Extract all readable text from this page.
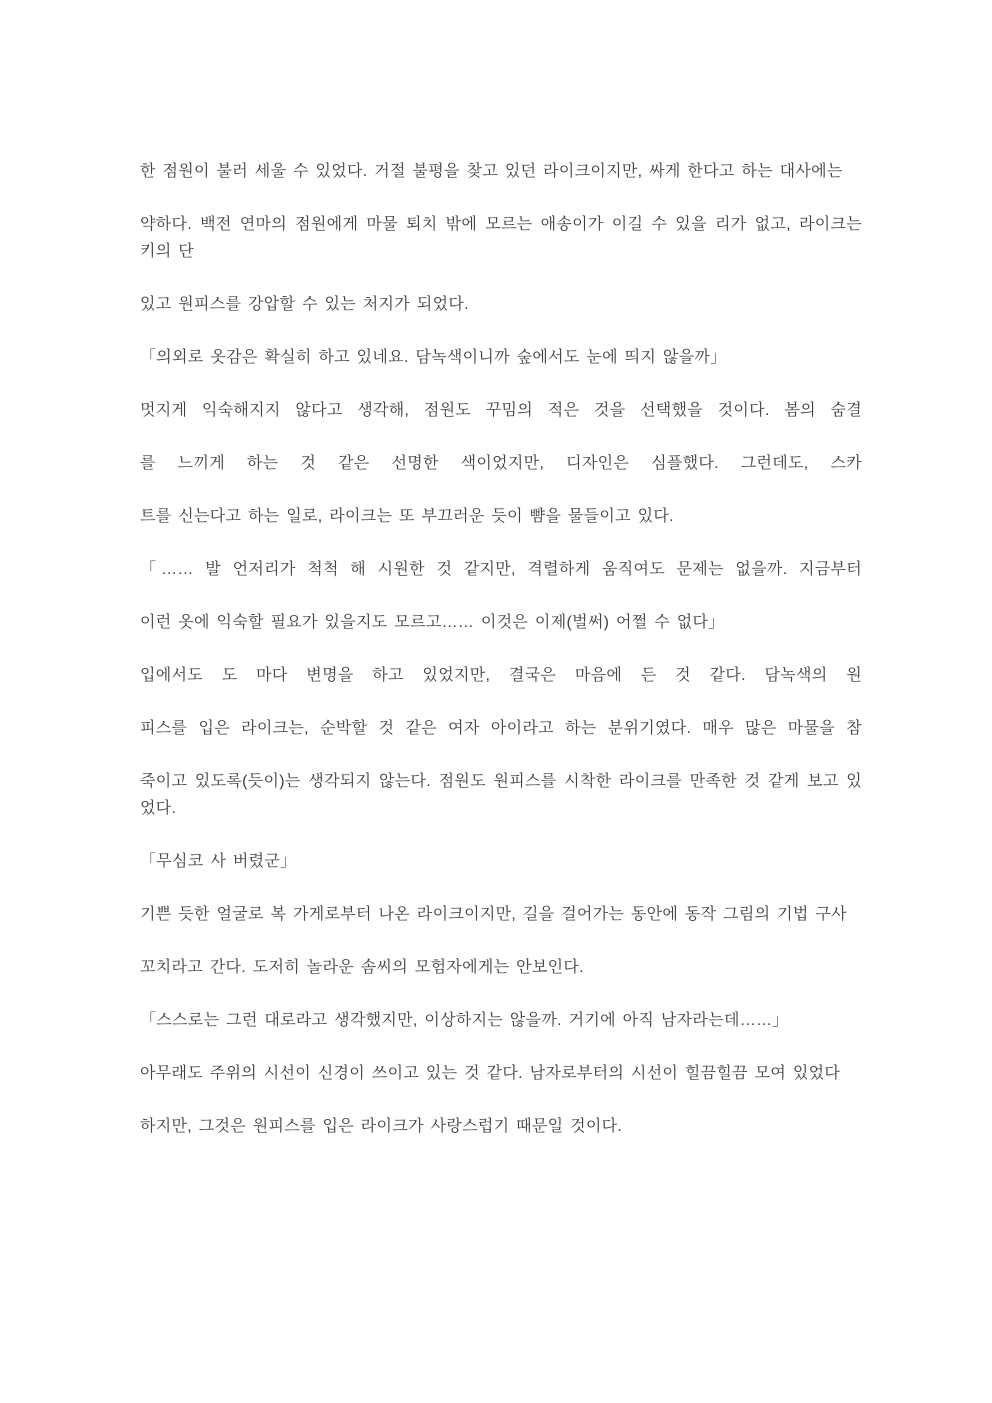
한 점원이 불러 세울 수 있었다. 거절 불평을 찾고 있던 라이크이지만, 싸게 한다고 하는 대사에는

약하다. 백전 연마의 점원에게 마물 퇴치 밖에 모르는 애송이가 이길 수 있을 리가 없고, 라이크는 키의 단

있고 원피스를 강압할 수 있는 처지가 되었다.

「의외로 옷감은 확실히 하고 있네요. 담녹색이니까 숲에서도 눈에 띄지 않을까」

멋지게 익숙해지지 않다고 생각해, 점원도 꾸밈의 적은 것을 선택했을 것이다. 봄의 숨결

를 느끼게 하는 것 같은 선명한 색이었지만, 디자인은 심플했다. 그런데도, 스카

트를 신는다고 하는 일로, 라이크는 또 부끄러운 듯이 뺨을 물들이고 있다.

「…… 발 언저리가 척척 해 시원한 것 같지만, 격렬하게 움직여도 문제는 없을까. 지금부터

이런 옷에 익숙할 필요가 있을지도 모르고…… 이것은 이제(벌써) 어쩔 수 없다」

입에서도 도 마다 변명을 하고 있었지만, 결국은 마음에 든 것 같다. 담녹색의 원

피스를 입은 라이크는, 순박할 것 같은 여자 아이라고 하는 분위기였다. 매우 많은 마물을 참

죽이고 있도록(듯이)는 생각되지 않는다. 점원도 원피스를 시착한 라이크를 만족한 것 같게 보고 있었다.

「무심코 사 버렸군」

기쁜 듯한 얼굴로 복 가게로부터 나온 라이크이지만, 길을 걸어가는 동안에 동작 그림의 기법 구사

꼬치라고 간다. 도저히 놀라운 솜씨의 모험자에게는 안보인다.

「스스로는 그런 대로라고 생각했지만, 이상하지는 않을까. 거기에 아직 남자라는데……」

아무래도 주위의 시선이 신경이 쓰이고 있는 것 같다. 남자로부터의 시선이 힐끔힐끔 모여 있었다

하지만, 그것은 원피스를 입은 라이크가 사랑스럽기 때문일 것이다.
